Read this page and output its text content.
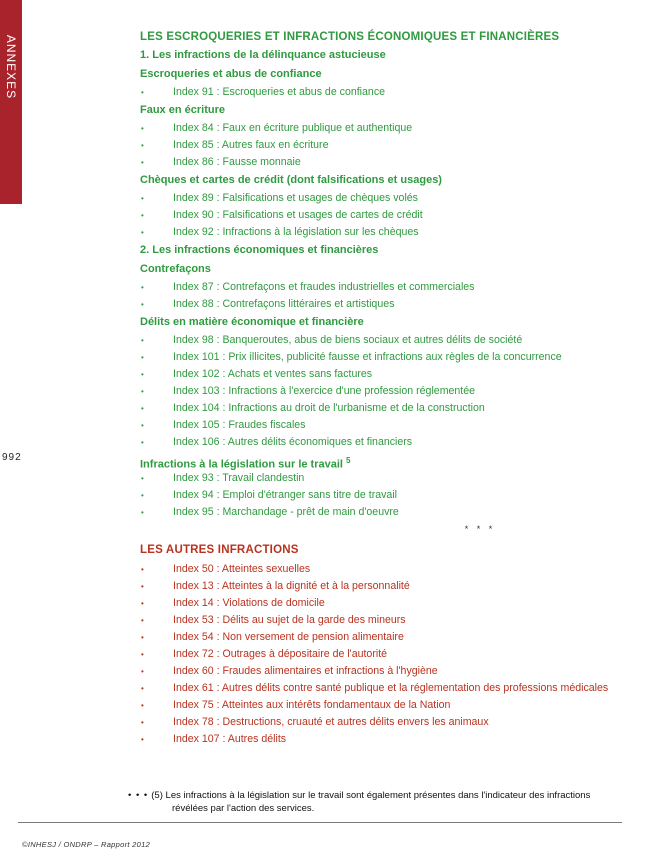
ANNEXES
992
LES ESCROQUERIES ET INFRACTIONS ÉCONOMIQUES ET FINANCIÈRES
1. Les infractions de la délinquance astucieuse
Escroqueries et abus de confiance
•	Index 91 : Escroqueries et abus de confiance
Faux en écriture
•	Index 84 : Faux en écriture publique et authentique
•	Index 85 : Autres faux en écriture
•	Index 86 : Fausse monnaie
Chèques et cartes de crédit (dont falsifications et usages)
•	Index 89 : Falsifications et usages de chèques volés
•	Index 90 : Falsifications et usages de cartes de crédit
•	Index 92 : Infractions à la législation sur les chèques
2. Les infractions économiques et financières
Contrefaçons
•	Index 87 : Contrefaçons et fraudes industrielles et commerciales
•	Index 88 : Contrefaçons littéraires et artistiques
Délits en matière économique et financière
•	Index 98 : Banqueroutes, abus de biens sociaux et autres délits de société
•	Index 101 : Prix illicites, publicité fausse et infractions aux règles de la concurrence
•	Index 102 : Achats et ventes sans factures
•	Index 103 : Infractions à l'exercice d'une profession réglementée
•	Index 104 : Infractions au droit de l'urbanisme et de la construction
•	Index 105 : Fraudes fiscales
•	Index 106 : Autres délits économiques et financiers
Infractions à la législation sur le travail $^5$
•	Index 93 : Travail clandestin
•	Index 94 : Emploi d'étranger sans titre de travail
•	Index 95 : Marchandage - prêt de main d'oeuvre
* * *
LES AUTRES INFRACTIONS
•	Index 50 : Atteintes sexuelles
•	Index 13 : Atteintes à la dignité et à la personnalité
•	Index 14 : Violations de domicile
•	Index 53 : Délits au sujet de la garde des mineurs
•	Index 54 : Non versement de pension alimentaire
•	Index 72 : Outrages à dépositaire de l'autorité
•	Index 60 : Fraudes alimentaires et infractions à l'hygiène
•	Index 61 : Autres délits contre santé publique et la réglementation des professions médicales
•	Index 75 : Atteintes aux intérêts fondamentaux de la Nation
•	Index 78 : Destructions, cruauté et autres délits envers les animaux
•	Index 107 : Autres délits
• • • (5) Les infractions à la législation sur le travail sont également présentes dans l'indicateur des infractions
révélées par l'action des services.
©INHESJ / ONDRP – Rapport 2012
